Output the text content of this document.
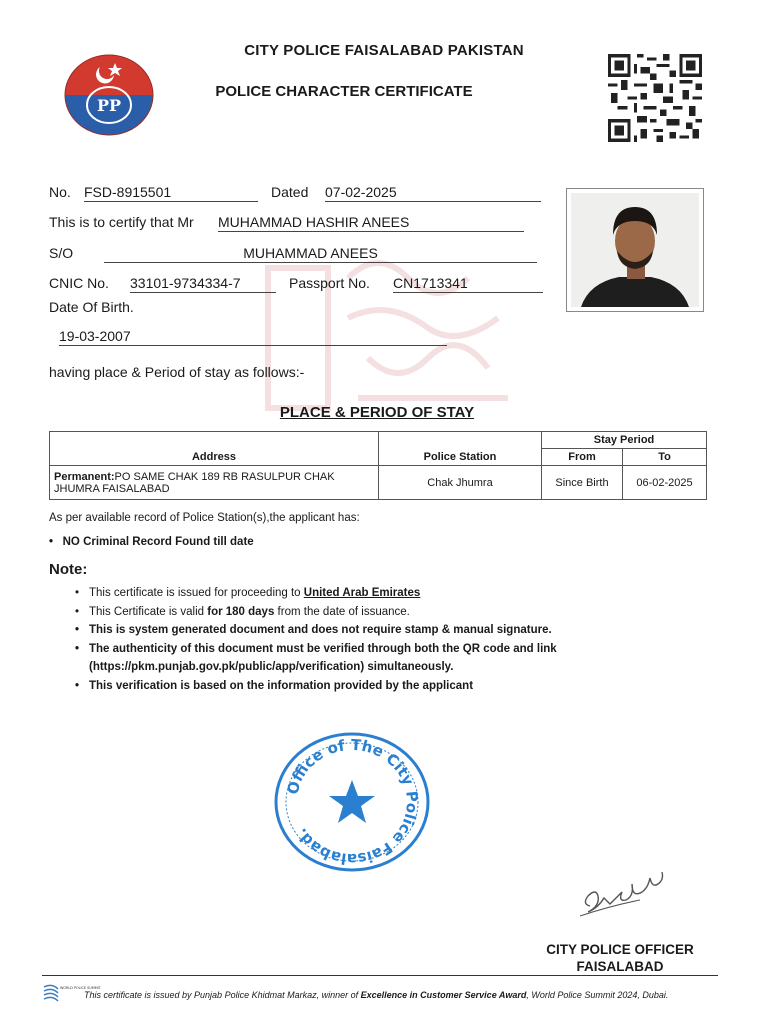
PP
CITY POLICE FAISALABAD PAKISTAN
POLICE CHARACTER CERTIFICATE
No. FSD-8915501	Dated 07-02-2025
This is to certify that Mr MUHAMMAD HASHIR ANEES
S/O	MUHAMMAD ANEES
CNIC No. 33101-9734334-7	Passport No. CN1713341
Date Of Birth.
19-03-2007
having place & Period of stay as follows:-
PLACE & PERIOD OF STAY
Address	Police Station	Stay Period	
		From	To
Permanent:PO SAME CHAK 189 RB RASULPUR CHAK JHUMRA FAISALABAD	Chak Jhumra	Since Birth	06-02-2025
As per available record of Police Station(s),the applicant has:
•   NO Criminal Record Found till date
Note:
• This certificate is issued for proceeding to United Arab Emirates
• This Certificate is valid for 180 days from the date of issuance.
• This is system generated document and does not require stamp & manual signature.
• The authenticity of this document must be verified through both the QR code and link
(https://pkm.punjab.gov.pk/public/app/verification) simultaneously.
• This verification is based on the information provided by the applicant
Office of The City Police Faisalabad.
CITY POLICE OFFICER
FAISALABAD
WORLD POLICE SUMMIT
This certificate is issued by Punjab Police Khidmat Markaz, winner of Excellence in Customer Service Award, World Police Summit 2024, Dubai.
